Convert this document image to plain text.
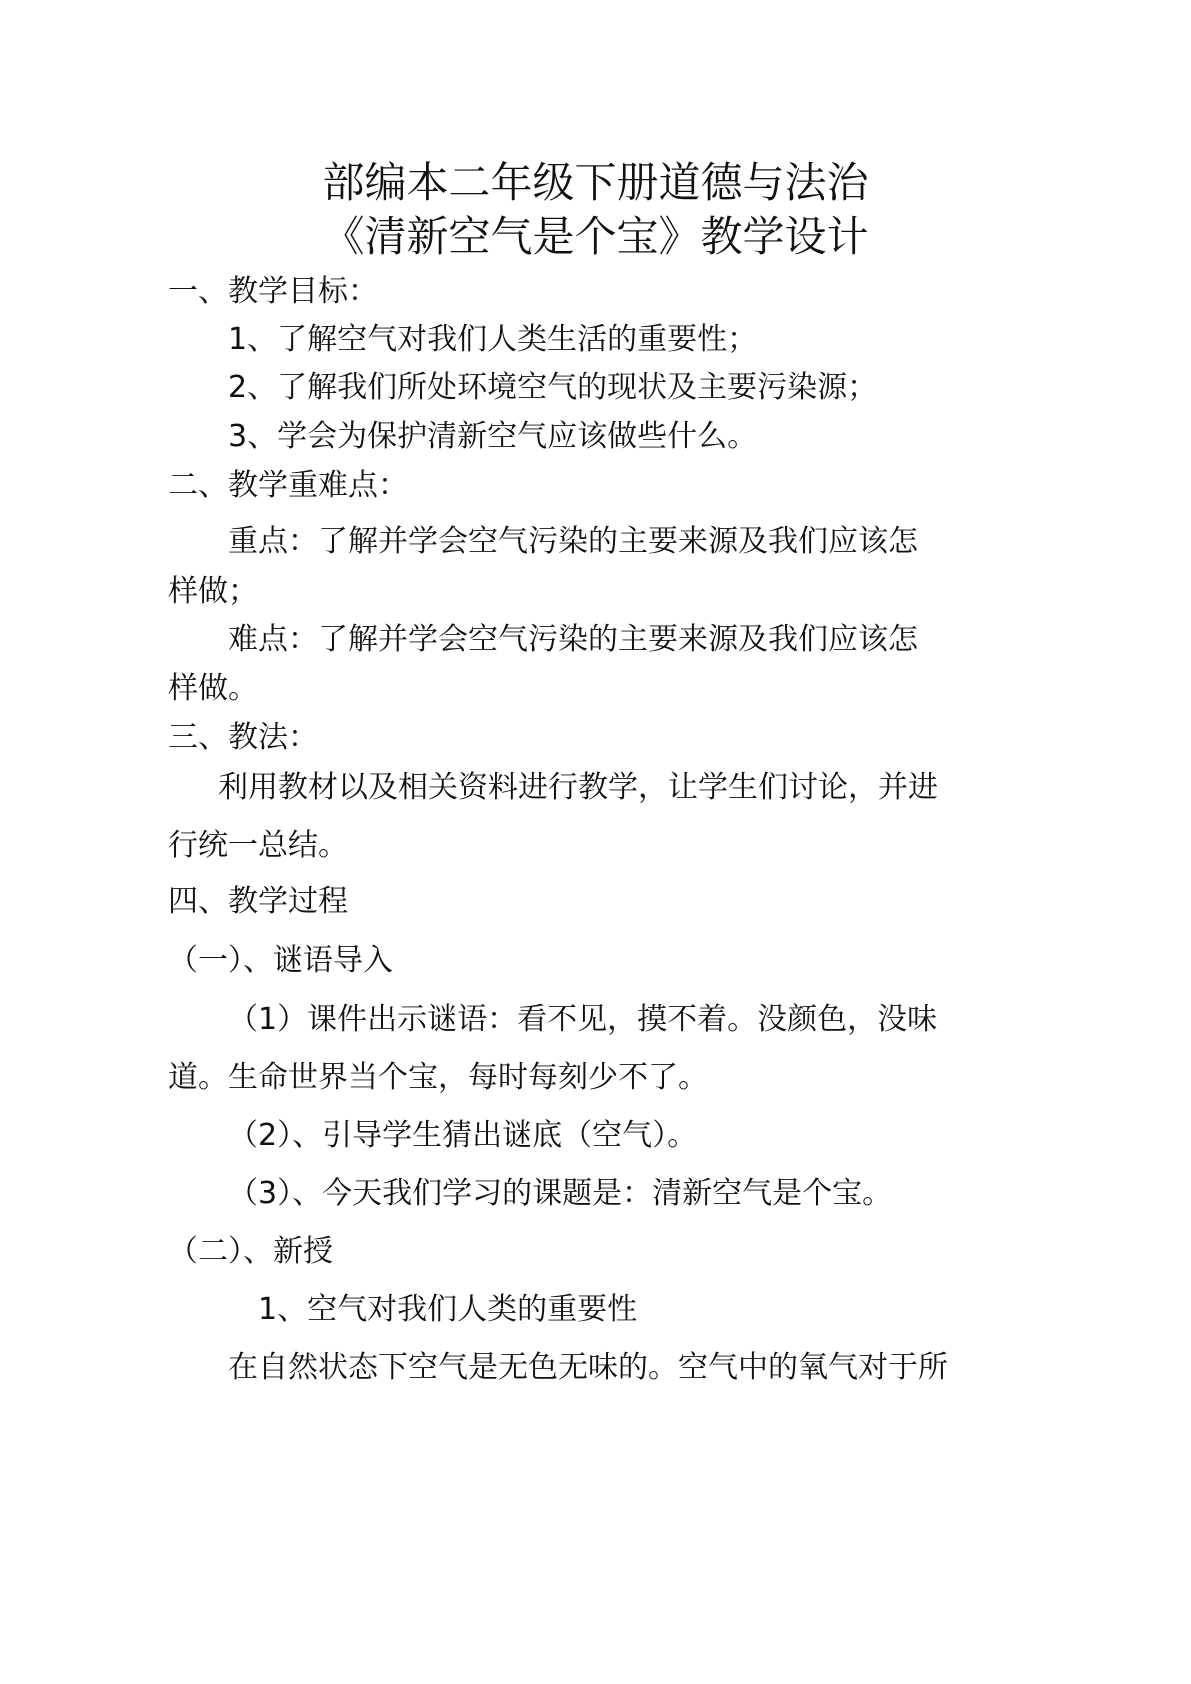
部编本二年级下册道德与法治
《清新空气是个宝》教学设计
一、教学目标：
1、了解空气对我们人类生活的重要性；
2、了解我们所处环境空气的现状及主要污染源；
3、学会为保护清新空气应该做些什么。
二、教学重难点：
重点：了解并学会空气污染的主要来源及我们应该怎
样做；
难点：了解并学会空气污染的主要来源及我们应该怎
样做。
三、教法：
利用教材以及相关资料进行教学，让学生们讨论，并进
行统一总结。
四、教学过程
（一）、谜语导入
（1）课件出示谜语：看不见，摸不着。没颜色，没味
道。生命世界当个宝，每时每刻少不了。
（2）、引导学生猜出谜底（空气）。
（3）、今天我们学习的课题是：清新空气是个宝。
（二）、新授
1、空气对我们人类的重要性
在自然状态下空气是无色无味的。空气中的氧气对于所
